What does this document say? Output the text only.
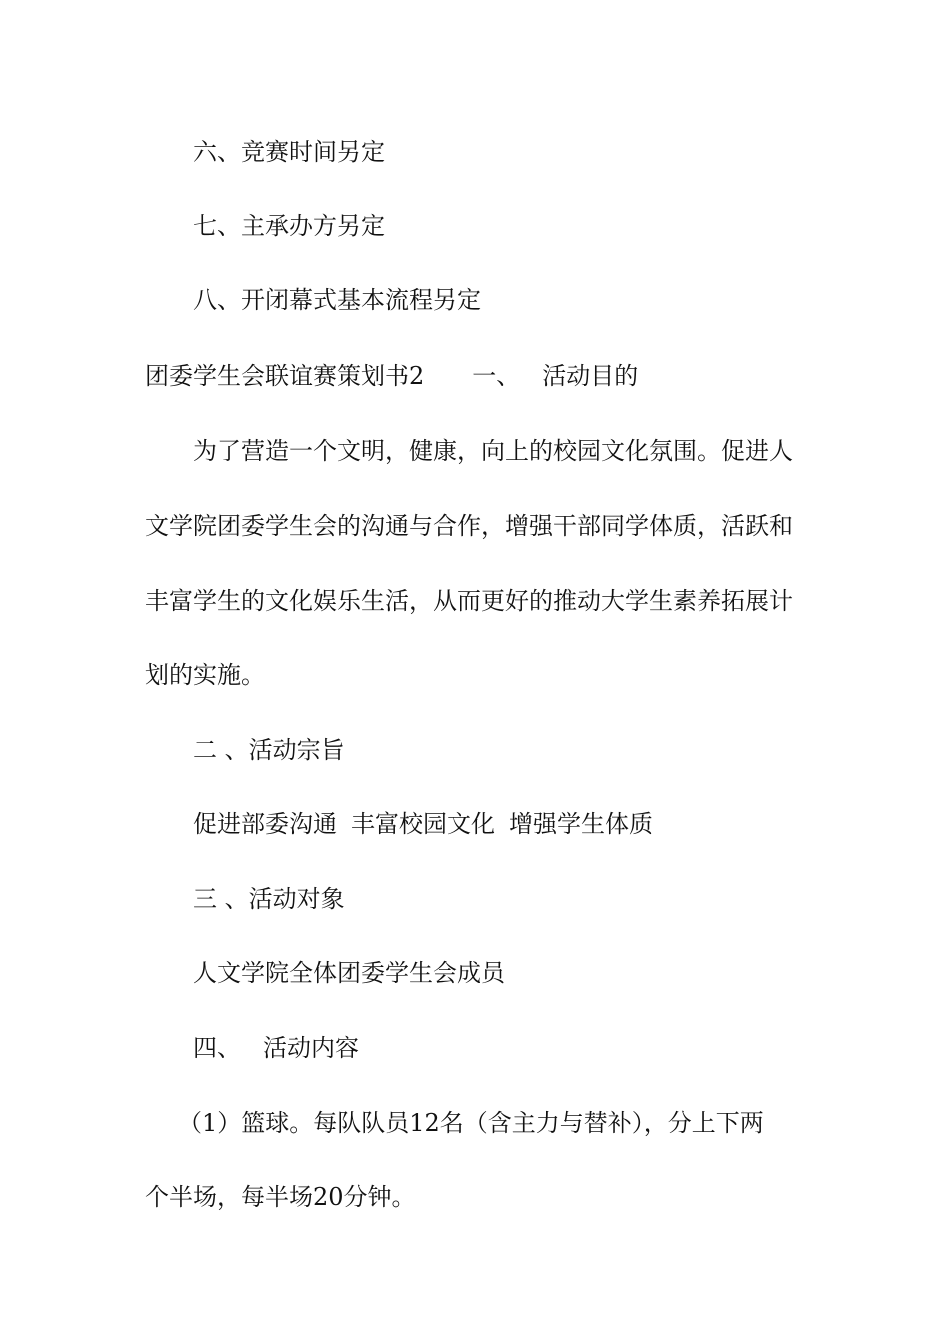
六、竞赛时间另定
七、主承办方另定
八、开闭幕式基本流程另定
团委学生会联谊赛策划书2 一、 活动目的
为了营造一个文明，健康，向上的校园文化氛围。促进人
文学院团委学生会的沟通与合作，增强干部同学体质，活跃和
丰富学生的文化娱乐生活，从而更好的推动大学生素养拓展计
划的实施。
二 、活动宗旨
促进部委沟通 丰富校园文化 增强学生体质
三 、活动对象
人文学院全体团委学生会成员
四、 活动内容
（1）篮球。每队队员12名（含主力与替补），分上下两
个半场，每半场20分钟。
